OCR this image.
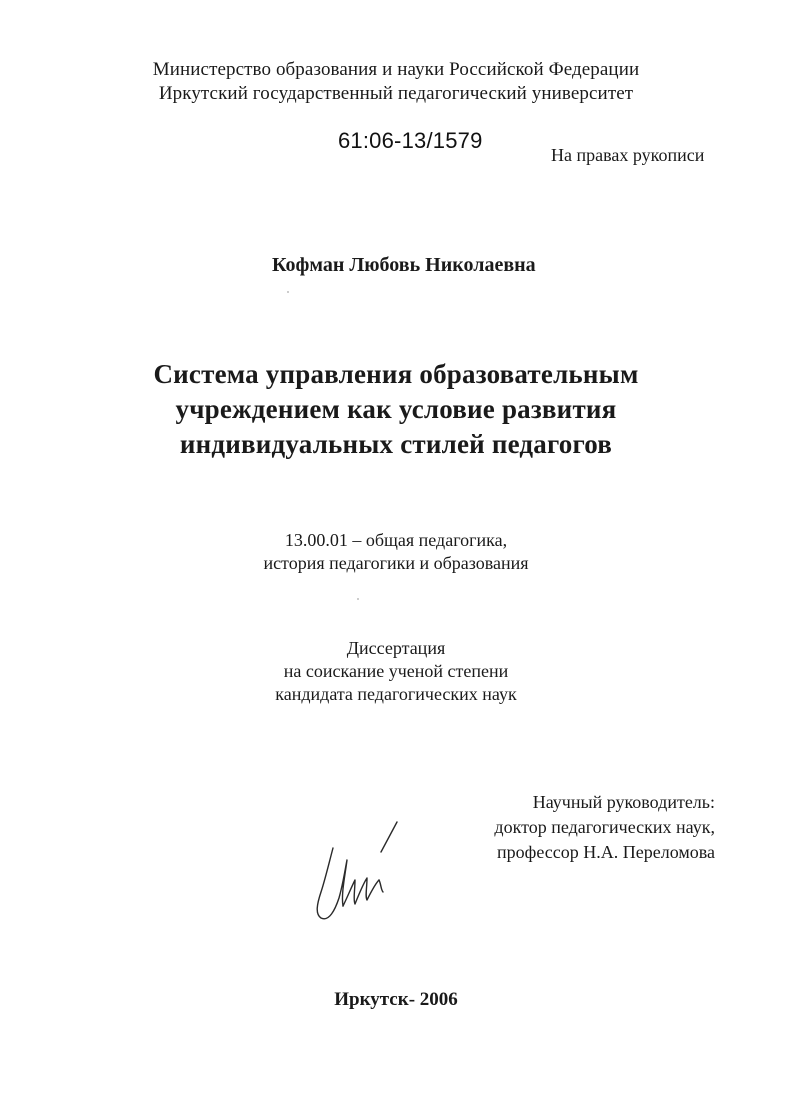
Министерство образования и науки Российской Федерации
Иркутский государственный педагогический университет
61:06-13/1579
На правах рукописи
Кофман Любовь Николаевна
Система управления образовательным
учреждением как условие развития
индивидуальных стилей педагогов
13.00.01 – общая педагогика,
история педагогики и образования
Диссертация
на соискание ученой степени
кандидата педагогических наук
Научный руководитель:
доктор педагогических наук,
профессор Н.А. Переломова
Иркутск- 2006
